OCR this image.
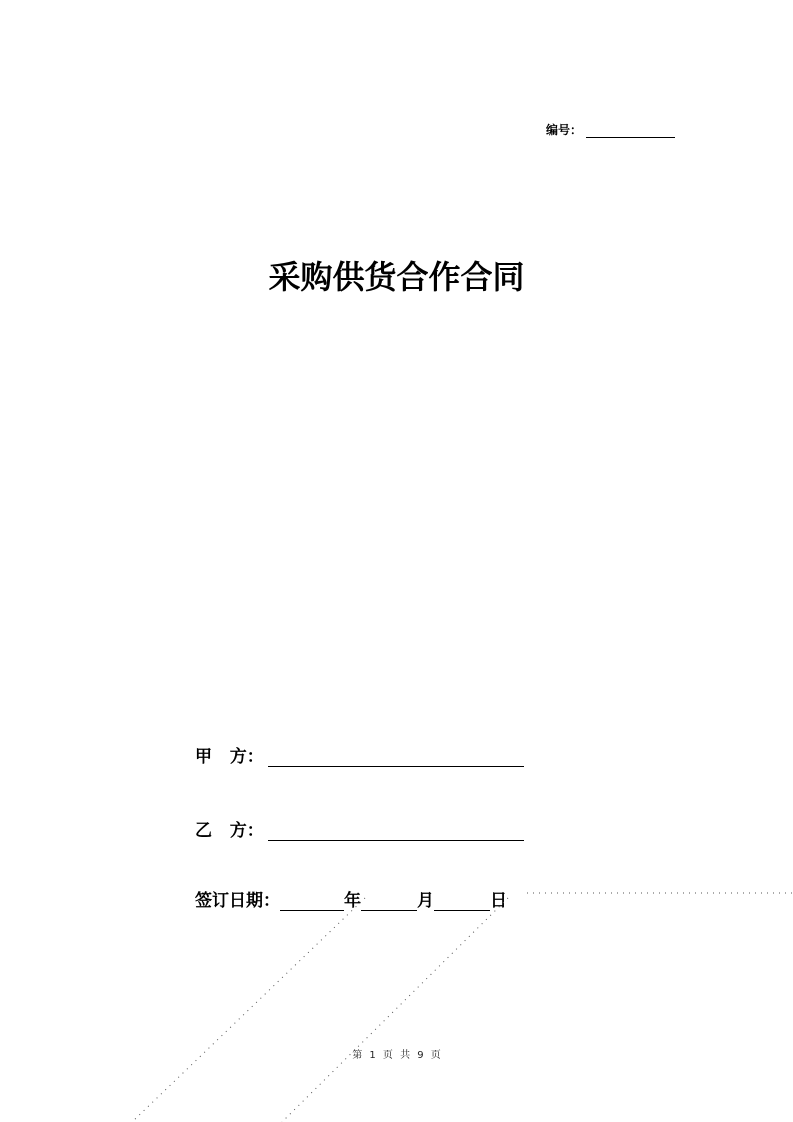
编号：
采购供货合作合同
甲   方：
乙   方：
签订日期：	年	月	日
第 1 页 共 9 页
